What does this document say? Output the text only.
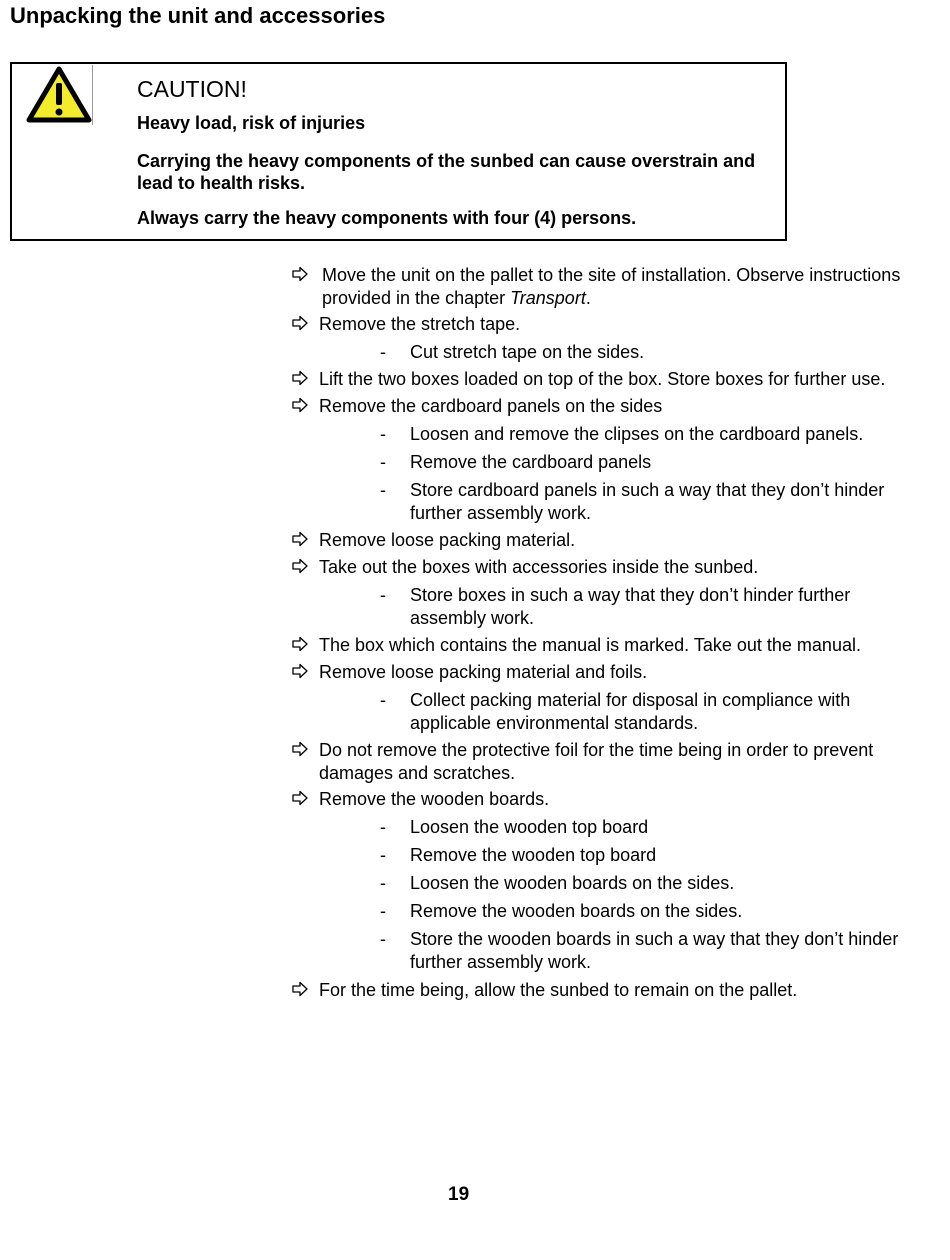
Unpacking the unit and accessories
CAUTION!
Heavy load, risk of injuries
Carrying the heavy components of the sunbed can cause overstrain and lead to health risks.
Always carry the heavy components with four (4) persons.
Move the unit on the pallet to the site of installation. Observe instructions provided in the chapter Transport.
Remove the stretch tape.
- Cut stretch tape on the sides.
Lift the two boxes loaded on top of the box. Store boxes for further use.
Remove the cardboard panels on the sides
- Loosen and remove the clipses on the cardboard panels.
- Remove the cardboard panels
- Store cardboard panels in such a way that they don’t hinder further assembly work.
Remove loose packing material.
Take out the boxes with accessories inside the sunbed.
- Store boxes in such a way that they don’t hinder further assembly work.
The box which contains the manual is marked. Take out the manual.
Remove loose packing material and foils.
- Collect packing material for disposal in compliance with applicable environmental standards.
Do not remove the protective foil for the time being in order to prevent damages and scratches.
Remove the wooden boards.
- Loosen the wooden top board
- Remove the wooden top board
- Loosen the wooden boards on the sides.
- Remove the wooden boards on the sides.
- Store the wooden boards in such a way that they don’t hinder further assembly work.
For the time being, allow the sunbed to remain on the pallet.
19
